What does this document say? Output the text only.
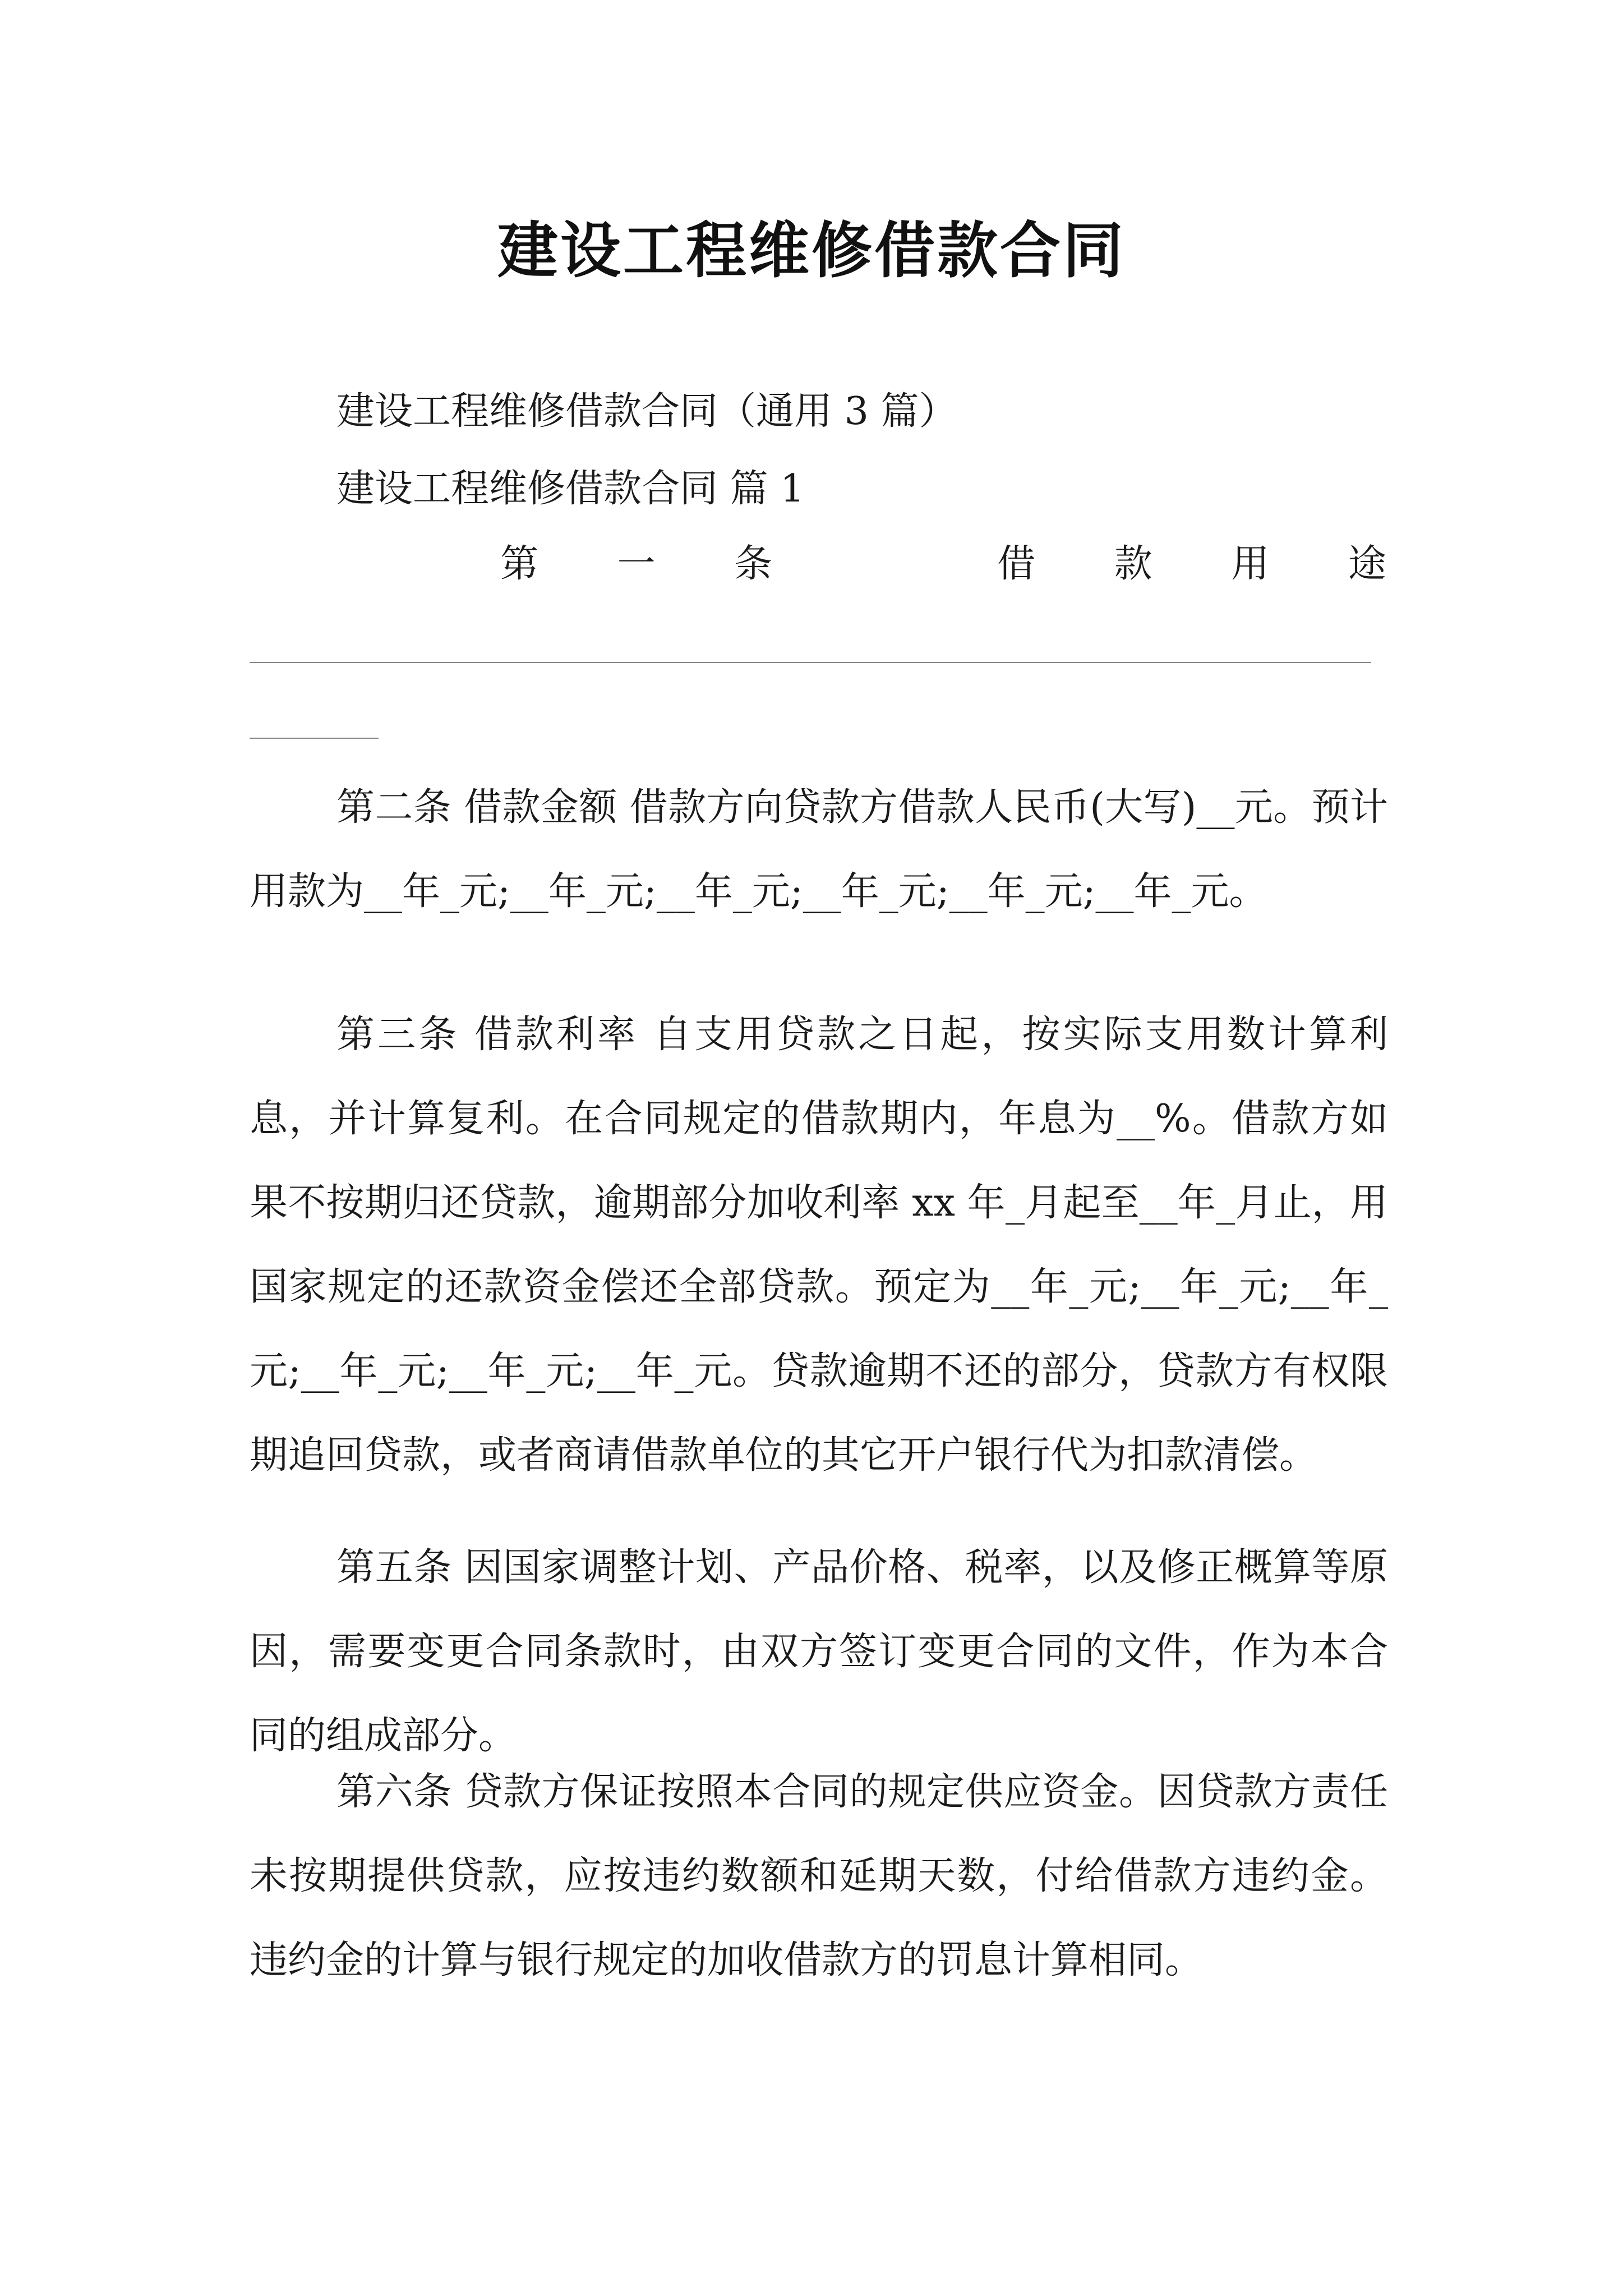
建设工程维修借款合同
建设工程维修借款合同（通用 3 篇）
建设工程维修借款合同 篇 1
第 一 条	借 款 用 途

第二条 借款金额 借款方向贷款方借款人民币(大写)__元。预计用款为__年_元;__年_元;__年_元;__年_元;__年_元;__年_元。

第三条 借款利率 自支用贷款之日起，按实际支用数计算利息，并计算复利。在合同规定的借款期内，年息为__%。借款方如果不按期归还贷款，逾期部分加收利率 xx 年_月起至__年_月止，用国家规定的还款资金偿还全部贷款。预定为__年_元;__年_元;__年_元;__年_元;__年_元;__年_元。贷款逾期不还的部分，贷款方有权限期追回贷款，或者商请借款单位的其它开户银行代为扣款清偿。

第五条 因国家调整计划、产品价格、税率，以及修正概算等原因，需要变更合同条款时，由双方签订变更合同的文件，作为本合同的组成部分。

第六条 贷款方保证按照本合同的规定供应资金。因贷款方责任未按期提供贷款，应按违约数额和延期天数，付给借款方违约金。违约金的计算与银行规定的加收借款方的罚息计算相同。
